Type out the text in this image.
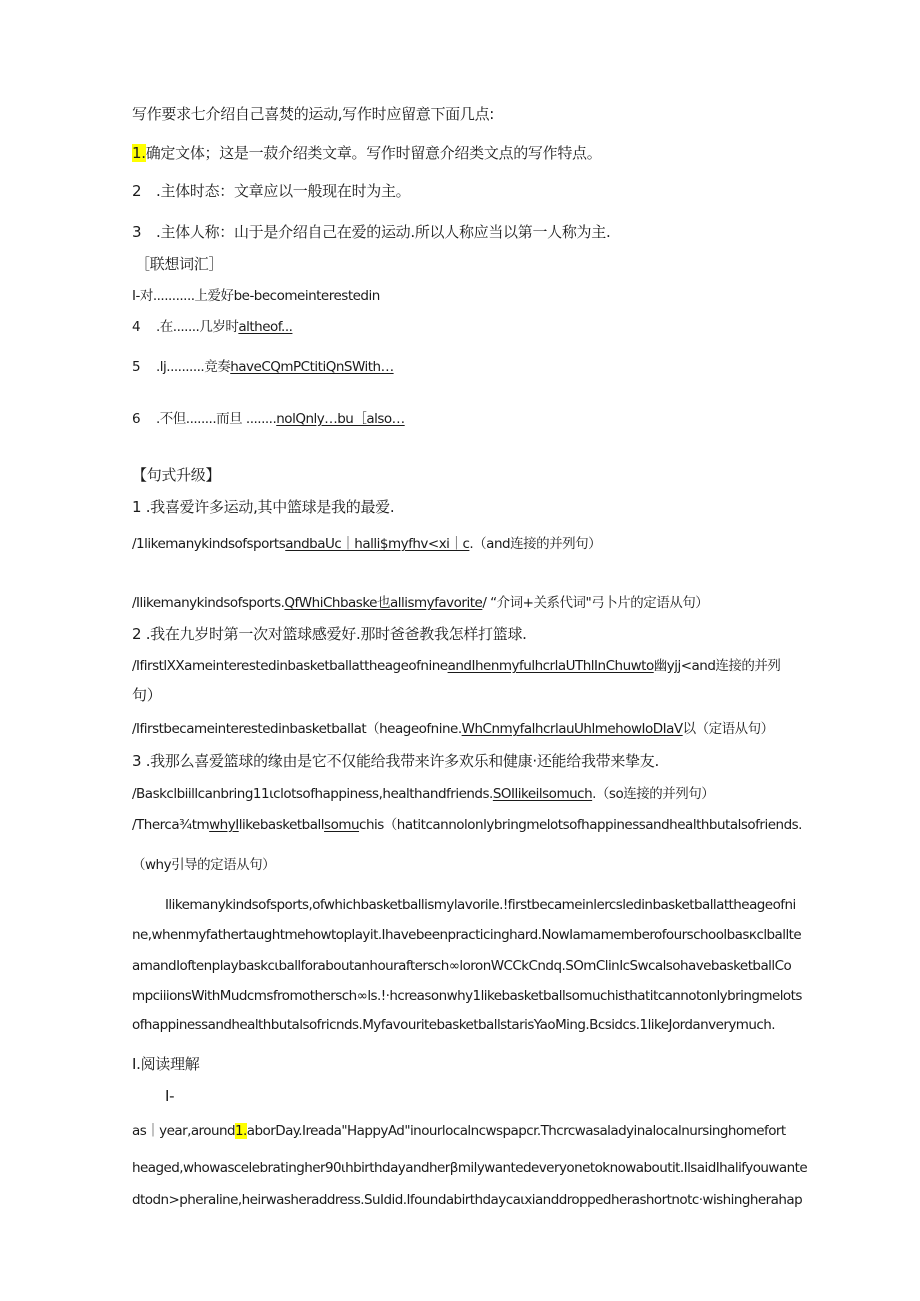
写作要求七介绍自己喜焚的运动,写作时应留意下面几点:
1.确定文体；这是一菽介绍类文章。写作时留意介绍类文点的写作特点。
2 .主体时态：文章应以一般现在时为主。
3 .主体人称：山于是介绍自己在爱的运动.所以人称应当以第一人称为主.
［联想词汇］
I-对...........上爱好be-becomeinterestedin
4 .在.......几岁时altheof...
5 .lj..........竞奏haveCQmPCtitiQnSWith…
6 .不但........而旦 ........nolQnly…bu［also…
【句式升级】
1 .我喜爱许多运动,其中篮球是我的最爱.
/1likemanykindsofsportsandbaUc｜halli$myfhv<xi｜c.（and连接的并列句）
/Ilikemanykindsofsports.QfWhiChbaske也allismyfavorite/ “介词+关系代词"弓卜片的定语从句）
2 .我在九岁时第一次对篮球感爱好.那时爸爸教我怎样打篮球.
/IfirstlXXameinterestedinbasketballattheageofnineandIhenmyfulhcrlaUThlInChuwto幽yjj<and连接的并列
句）
/Ifirstbecameinterestedinbasketballat（heageofnine.WhCnmyfalhcrlauUhlmehowIoDIaV以（定语从句）
3 .我那么喜爱篮球的缘由是它不仅能给我带来许多欢乐和健康·还能给我带来挚友.
/Baskclbiillcanbring11ιclotsofhappiness,healthandfriends.SOIlikeilsomuch.（so连接的并列句）
/Therca¾tmwhyIlikebasketballsomuchis（hatitcannolonlybringmelotsofhappinessandhealthbutalsofriends.
（why引导的定语从句）
Ilikemanykindsofsports,ofwhichbasketballismylavorile.!firstbecameinlercsledinbasketballattheageofni
ne,whenmyfathertaughtmehowtoplayit.Ihavebeenpracticinghard.NowIamamemberofourschoolbasкclballte
amandIoftenplaybaskcιballforaboutanhouraftersch∞loronWCCkCndq.SOmClinIcSwcalsohavebasketballCo
mpciiionsWithMudcmsfromothersch∞ls.!·hcreasonwhy1likebasketballsomuchisthatitcannotonlybringmelots
ofhappinessandhealthbutalsofricnds.MyfavouritebasketballstarisYaoMing.Bcsidcs.1likeJordanverymuch.
I.阅读理解
I-
as｜year,around1.aborDay.Ireada"HappyAd"inourlocalncwspapcr.Thcrcwasaladyinalocalnursinghomefort
heaged,whowascelebratingher90ιhbirthdayandherβmilywantedeveryonetoknowaboutit.IlsaidIhalifyouwante
dtodn>pheraline,heirwasheraddress.SuIdid.Ifoundabirthdaycaιxianddroppedherashortnotc·wishingherahap
